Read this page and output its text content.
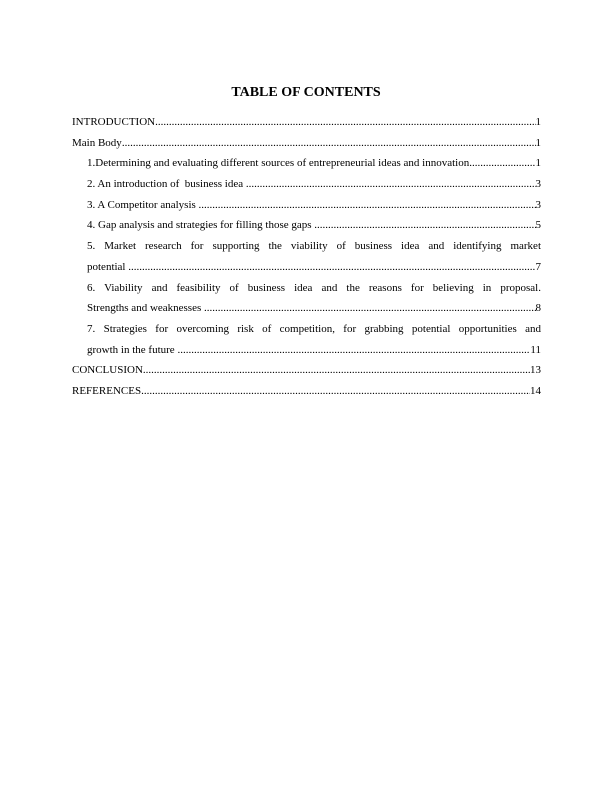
TABLE OF CONTENTS
INTRODUCTION .....	1
Main Body .....	1
1.Determining and evaluating different sources of entrepreneurial ideas and innovation .....	1
2. An introduction of  business idea .....	3
3. A Competitor analysis .....	3
4. Gap analysis and strategies for filling those gaps .....	5
5. Market research for supporting the viability of business idea and identifying market
potential .....	7
6. Viability and feasibility of business idea and the reasons for believing in proposal.
Strengths and weaknesses .....	8
7. Strategies for overcoming risk of competition, for grabbing potential opportunities and
growth in the future .....	11
CONCLUSION .....	13
REFERENCES .....	14
